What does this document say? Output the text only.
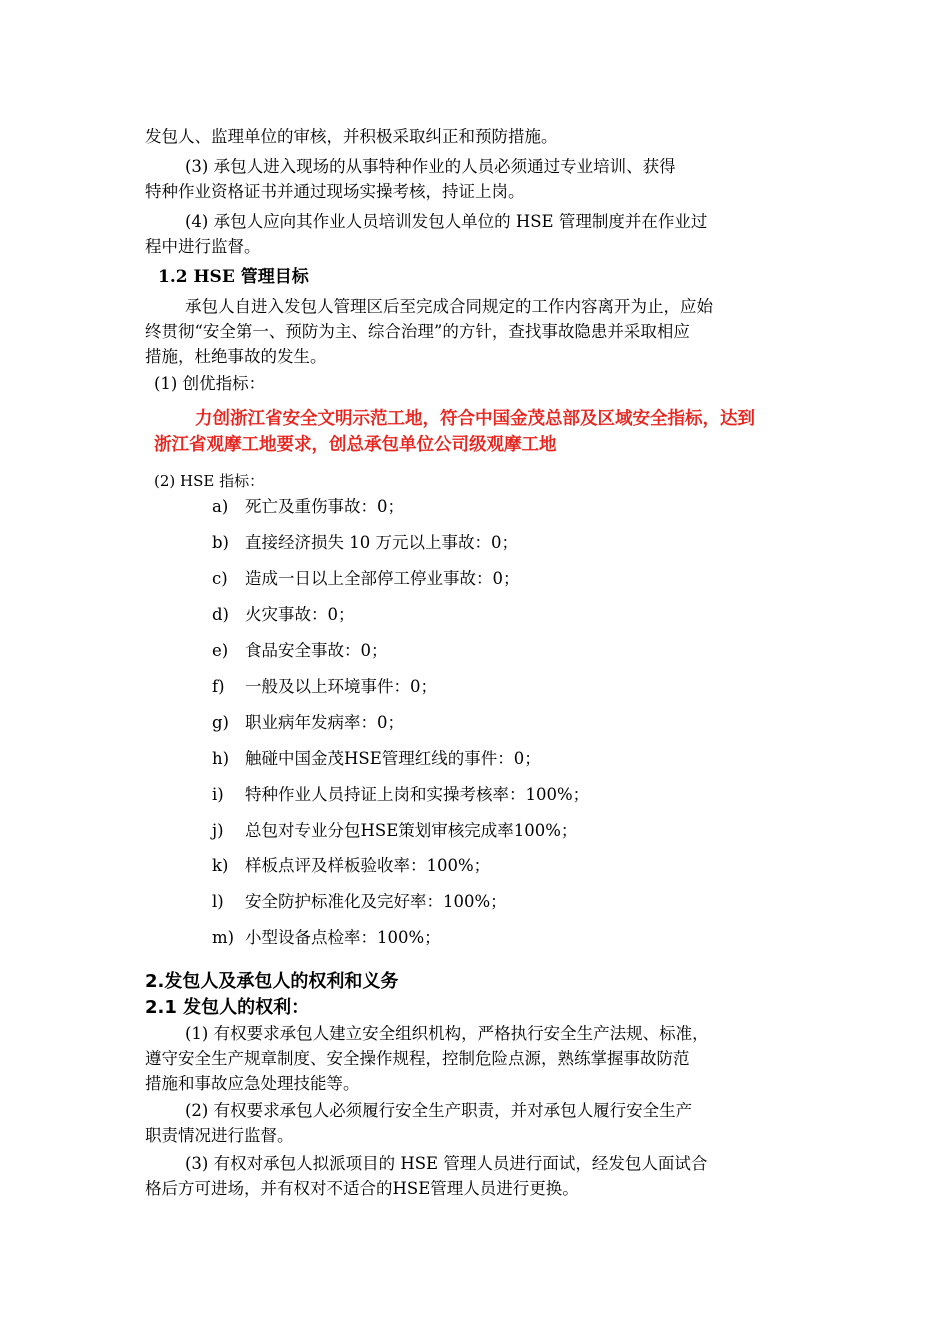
发包人、监理单位的审核，并积极采取纠正和预防措施。
(3) 承包人进入现场的从事特种作业的人员必须通过专业培训、获得
特种作业资格证书并通过现场实操考核，持证上岗。
(4) 承包人应向其作业人员培训发包人单位的 HSE 管理制度并在作业过
程中进行监督。
1.2 HSE 管理目标
承包人自进入发包人管理区后至完成合同规定的工作内容离开为止，应始
终贯彻“安全第一、预防为主、综合治理”的方针，查找事故隐患并采取相应
措施，杜绝事故的发生。
(1) 创优指标：
力创浙江省安全文明示范工地，符合中国金茂总部及区域安全指标，达到
浙江省观摩工地要求，创总承包单位公司级观摩工地
(2) HSE 指标：
a) 死亡及重伤事故：0；
b) 直接经济损失 10 万元以上事故：0；
c) 造成一日以上全部停工停业事故：0；
d) 火灾事故：0；
e) 食品安全事故：0；
f) 一般及以上环境事件：0；
g) 职业病年发病率：0；
h) 触碰中国金茂HSE管理红线的事件：0；
i) 特种作业人员持证上岗和实操考核率：100%；
j) 总包对专业分包HSE策划审核完成率100%；
k) 样板点评及样板验收率：100%；
l) 安全防护标准化及完好率：100%；
m) 小型设备点检率：100%；
2.发包人及承包人的权利和义务
2.1 发包人的权利：
(1) 有权要求承包人建立安全组织机构，严格执行安全生产法规、标准，
遵守安全生产规章制度、安全操作规程，控制危险点源，熟练掌握事故防范
措施和事故应急处理技能等。
(2) 有权要求承包人必须履行安全生产职责，并对承包人履行安全生产
职责情况进行监督。
(3) 有权对承包人拟派项目的 HSE 管理人员进行面试，经发包人面试合
格后方可进场，并有权对不适合的HSE管理人员进行更换。
